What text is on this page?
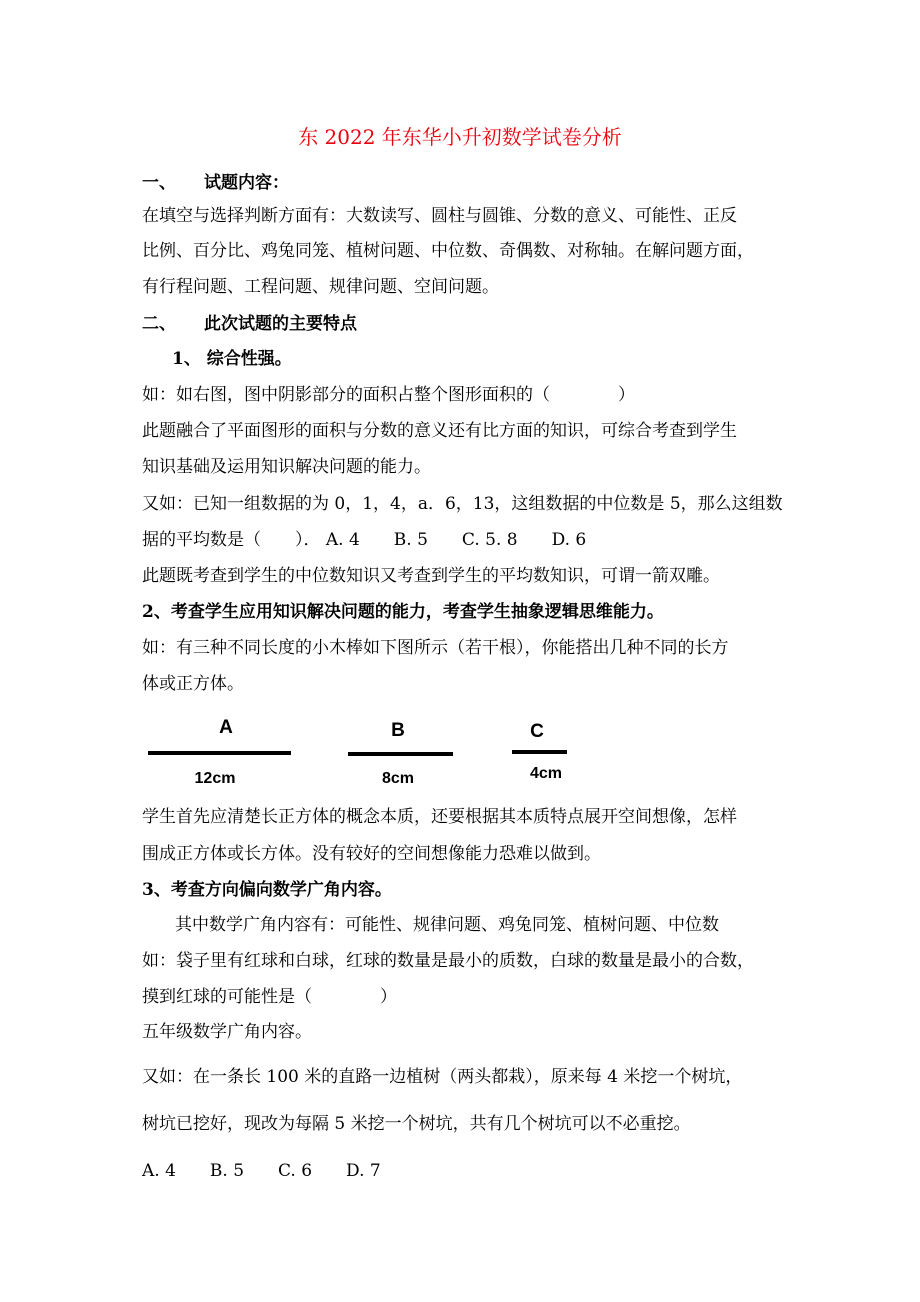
东 2022 年东华小升初数学试卷分析
一、 试题内容：
在填空与选择判断方面有：大数读写、圆柱与圆锥、分数的意义、可能性、正反
比例、百分比、鸡兔同笼、植树问题、中位数、奇偶数、对称轴。在解问题方面，
有行程问题、工程问题、规律问题、空间问题。
二、 此次试题的主要特点
1、 综合性强。
如：如右图，图中阴影部分的面积占整个图形面积的（　　　　）
此题融合了平面图形的面积与分数的意义还有比方面的知识，可综合考查到学生
知识基础及运用知识解决问题的能力。
又如：已知一组数据的为 0，1，4，a．6，13，这组数据的中位数是 5，那么这组数
据的平均数是（　　）． A. 4　　B. 5　　C. 5. 8　　D. 6
此题既考查到学生的中位数知识又考查到学生的平均数知识，可谓一箭双雕。
2、考查学生应用知识解决问题的能力，考查学生抽象逻辑思维能力。
如：有三种不同长度的小木棒如下图所示（若干根），你能搭出几种不同的长方
体或正方体。
A
12cm
B
8cm
C
4cm
学生首先应清楚长正方体的概念本质，还要根据其本质特点展开空间想像，怎样
围成正方体或长方体。没有较好的空间想像能力恐难以做到。
3、考查方向偏向数学广角内容。
其中数学广角内容有：可能性、规律问题、鸡兔同笼、植树问题、中位数
如：袋子里有红球和白球，红球的数量是最小的质数，白球的数量是最小的合数，
摸到红球的可能性是（　　　　）
五年级数学广角内容。
又如：在一条长 100 米的直路一边植树（两头都栽），原来每 4 米挖一个树坑，
树坑已挖好，现改为每隔 5 米挖一个树坑，共有几个树坑可以不必重挖。
A. 4　　B. 5　　C. 6　　D. 7
